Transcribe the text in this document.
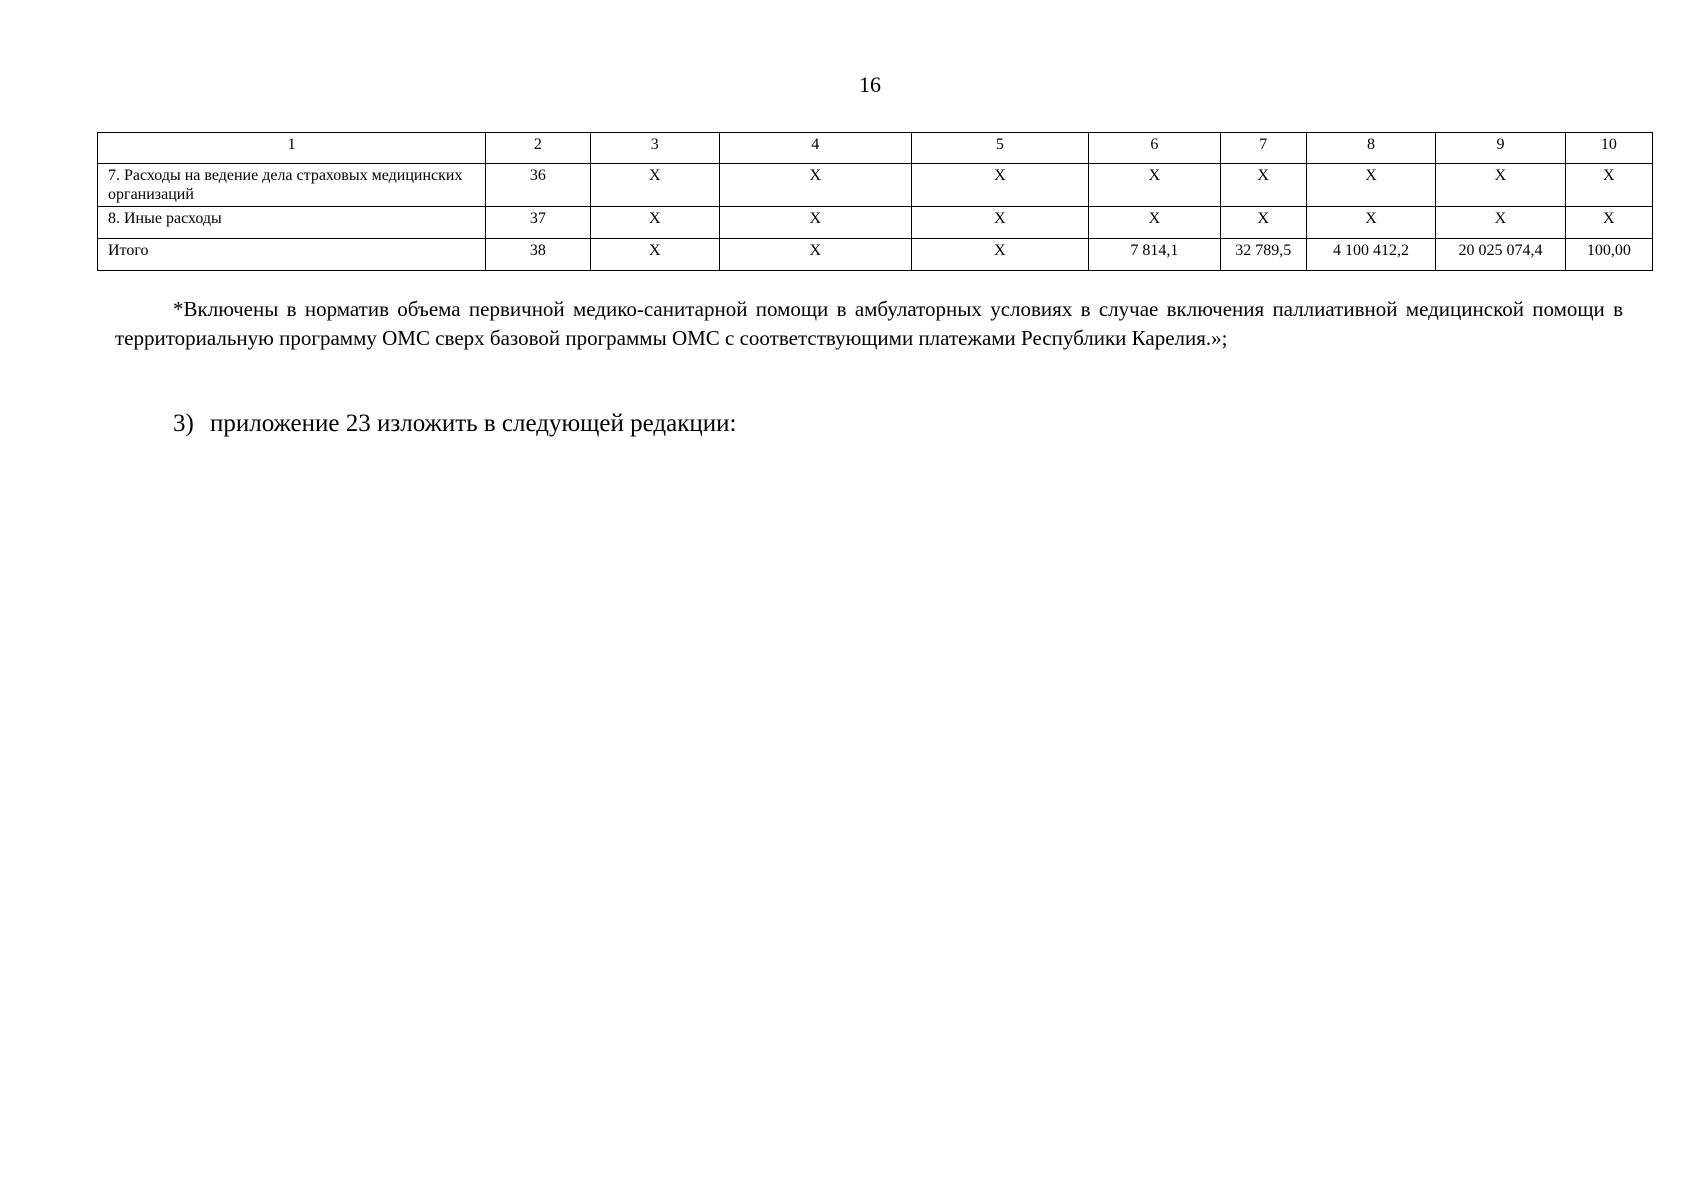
16
1	2	3	4	5	6	7	8	9	10
7. Расходы на ведение дела страховых медицинских организаций	36	Х	Х	Х	Х	Х	Х	Х	Х
8. Иные расходы	37	Х	Х	Х	Х	Х	Х	Х	Х
Итого	38	Х	Х	Х	7 814,1	32 789,5	4 100 412,2	20 025 074,4	100,00

*Включены в норматив объема первичной медико-санитарной помощи в амбулаторных условиях в случае включения паллиативной медицинской помощи в территориальную программу ОМС сверх базовой программы ОМС с соответствующими платежами Республики Карелия.»;

3) приложение 23 изложить в следующей редакции:
